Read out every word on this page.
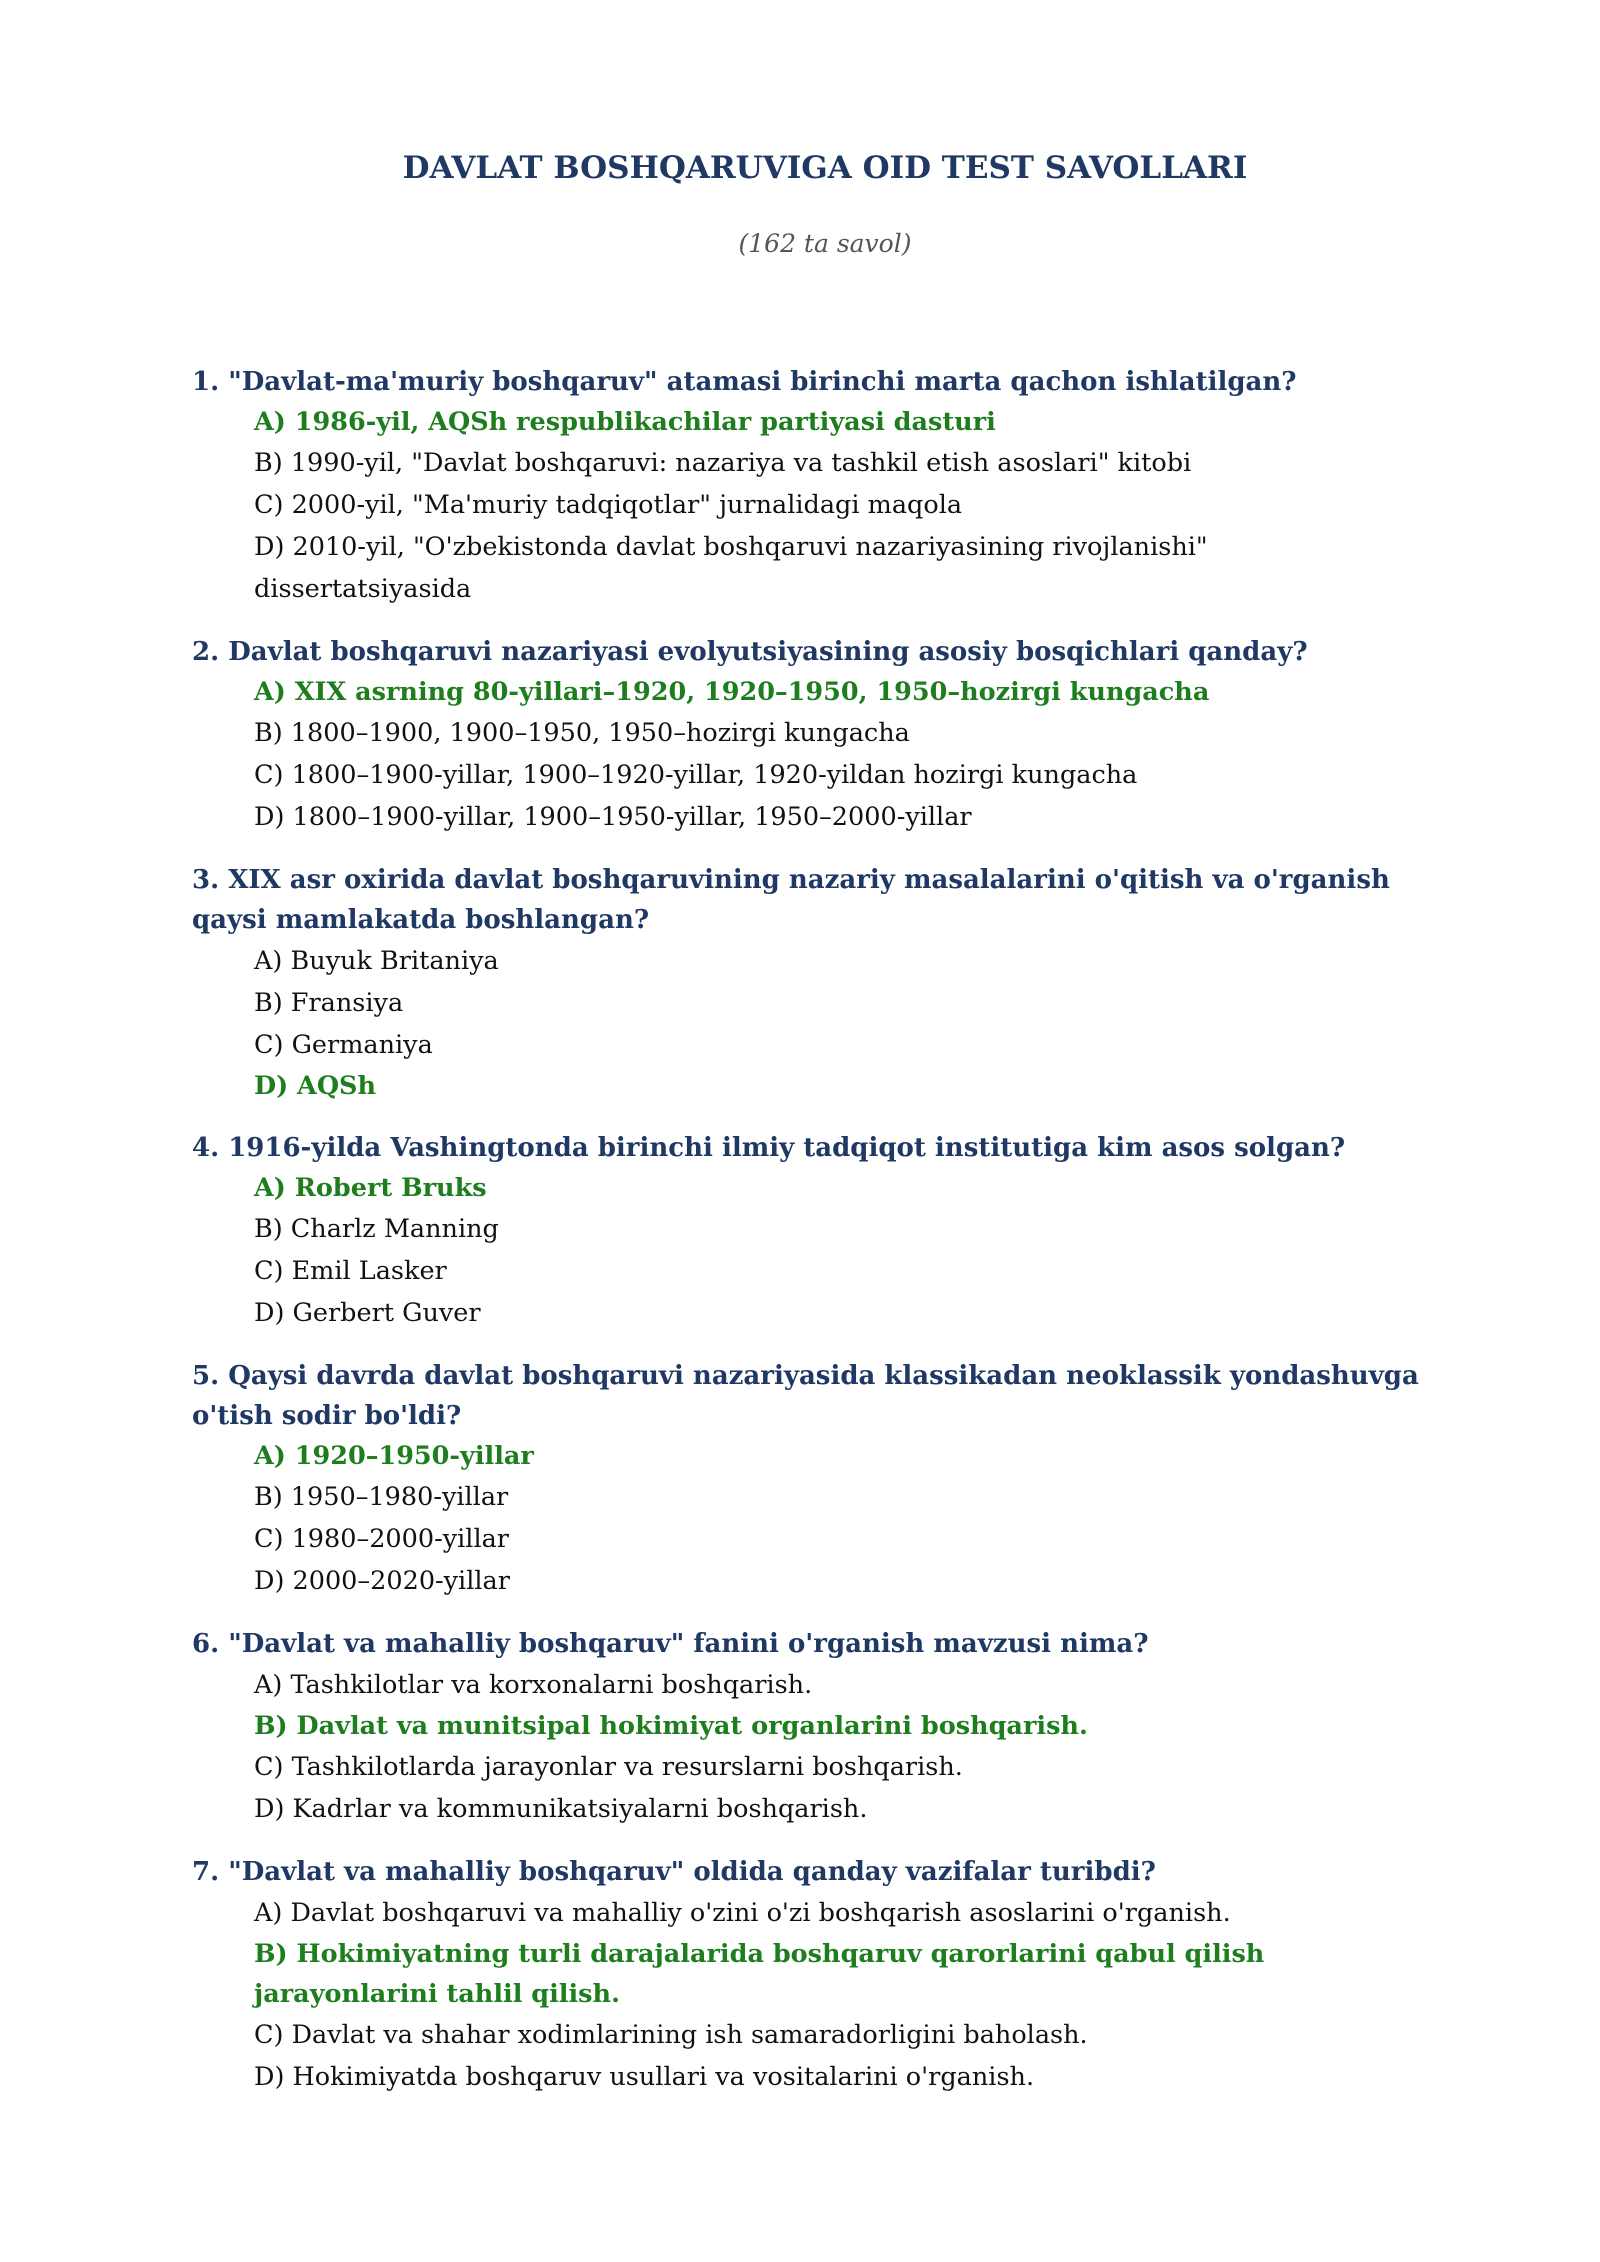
DAVLAT BOSHQARUVIGA OID TEST SAVOLLARI

(162 ta savol)

1. "Davlat-ma'muriy boshqaruv" atamasi birinchi marta qachon ishlatilgan?

A) 1986-yil, AQSh respublikachilar partiyasi dasturi
B) 1990-yil, "Davlat boshqaruvi: nazariya va tashkil etish asoslari" kitobi
C) 2000-yil, "Ma'muriy tadqiqotlar" jurnalidagi maqola
D) 2010-yil, "O'zbekistonda davlat boshqaruvi nazariyasining rivojlanishi" dissertatsiyasida

2. Davlat boshqaruvi nazariyasi evolyutsiyasining asosiy bosqichlari qanday?

A) XIX asrning 80-yillari–1920, 1920–1950, 1950–hozirgi kungacha
B) 1800–1900, 1900–1950, 1950–hozirgi kungacha
C) 1800–1900-yillar, 1900–1920-yillar, 1920-yildan hozirgi kungacha
D) 1800–1900-yillar, 1900–1950-yillar, 1950–2000-yillar

3. XIX asr oxirida davlat boshqaruvining nazariy masalalarini o'qitish va o'rganish qaysi mamlakatda boshlangan?

A) Buyuk Britaniya
B) Fransiya
C) Germaniya
D) AQSh

4. 1916-yilda Vashingtonda birinchi ilmiy tadqiqot institutiga kim asos solgan?

A) Robert Bruks
B) Charlz Manning
C) Emil Lasker
D) Gerbert Guver

5. Qaysi davrda davlat boshqaruvi nazariyasida klassikadan neoklassik yondashuvga o'tish sodir bo'ldi?

A) 1920–1950-yillar
B) 1950–1980-yillar
C) 1980–2000-yillar
D) 2000–2020-yillar

6. "Davlat va mahalliy boshqaruv" fanini o'rganish mavzusi nima?

A) Tashkilotlar va korxonalarni boshqarish.
B) Davlat va munitsipal hokimiyat organlarini boshqarish.
C) Tashkilotlarda jarayonlar va resurslarni boshqarish.
D) Kadrlar va kommunikatsiyalarni boshqarish.

7. "Davlat va mahalliy boshqaruv" oldida qanday vazifalar turibdi?

A) Davlat boshqaruvi va mahalliy o'zini o'zi boshqarish asoslarini o'rganish.
B) Hokimiyatning turli darajalarida boshqaruv qarorlarini qabul qilish jarayonlarini tahlil qilish.
C) Davlat va shahar xodimlarining ish samaradorligini baholash.
D) Hokimiyatda boshqaruv usullari va vositalarini o'rganish.
